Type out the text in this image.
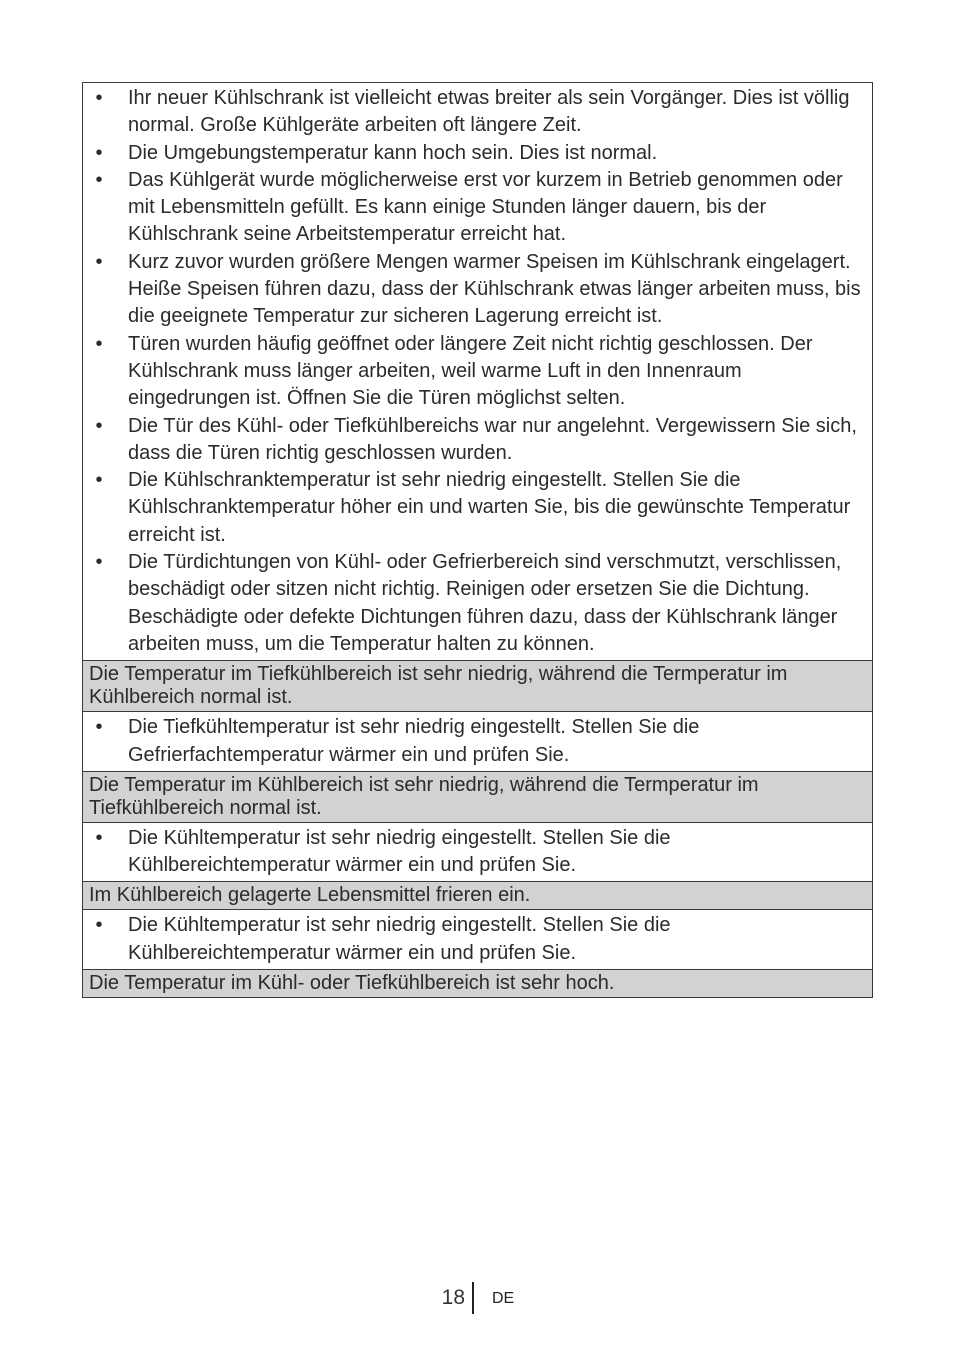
•	Ihr neuer Kühlschrank ist vielleicht etwas breiter als sein Vorgänger. Dies ist völlig normal. Große Kühlgeräte arbeiten oft längere Zeit.
•	Die Umgebungstemperatur kann hoch sein. Dies ist normal.
•	Das Kühlgerät wurde möglicherweise erst vor kurzem in Betrieb genommen oder mit Lebensmitteln gefüllt. Es kann einige Stunden länger dauern, bis der Kühlschrank seine Arbeitstemperatur erreicht hat.
•	Kurz zuvor wurden größere Mengen warmer Speisen im Kühlschrank eingelagert. Heiße Speisen führen dazu, dass der Kühlschrank etwas länger arbeiten muss, bis die geeignete Temperatur zur sicheren Lagerung erreicht ist.
•	Türen wurden häufig geöffnet oder längere Zeit nicht richtig geschlossen. Der Kühlschrank muss länger arbeiten, weil warme Luft in den Innenraum eingedrungen ist. Öffnen Sie die Türen möglichst selten.
•	Die Tür des Kühl- oder Tiefkühlbereichs war nur angelehnt. Vergewissern Sie sich, dass die Türen richtig geschlossen wurden.
•	Die Kühlschranktemperatur ist sehr niedrig eingestellt. Stellen Sie die Kühlschranktemperatur höher ein und warten Sie, bis die gewünschte Temperatur erreicht ist.
•	Die Türdichtungen von Kühl- oder Gefrierbereich sind verschmutzt, verschlissen, beschädigt oder sitzen nicht richtig. Reinigen oder ersetzen Sie die Dichtung. Beschädigte oder defekte Dichtungen führen dazu, dass der Kühlschrank länger arbeiten muss, um die Temperatur halten zu können.

Die Temperatur im Tiefkühlbereich ist sehr niedrig, während die Termperatur im Kühlbereich normal ist.

•	Die Tiefkühltemperatur ist sehr niedrig eingestellt. Stellen Sie die Gefrierfachtemperatur wärmer ein und prüfen Sie.

Die Temperatur im Kühlbereich ist sehr niedrig, während die Termperatur im Tiefkühlbereich normal ist.

•	Die Kühltemperatur ist sehr niedrig eingestellt. Stellen Sie die Kühlbereichtemperatur wärmer ein und prüfen Sie.

Im Kühlbereich gelagerte Lebensmittel frieren ein.

•	Die Kühltemperatur ist sehr niedrig eingestellt. Stellen Sie die Kühlbereichtemperatur wärmer ein und prüfen Sie.

Die Temperatur im Kühl- oder Tiefkühlbereich ist sehr hoch.
18 DE
